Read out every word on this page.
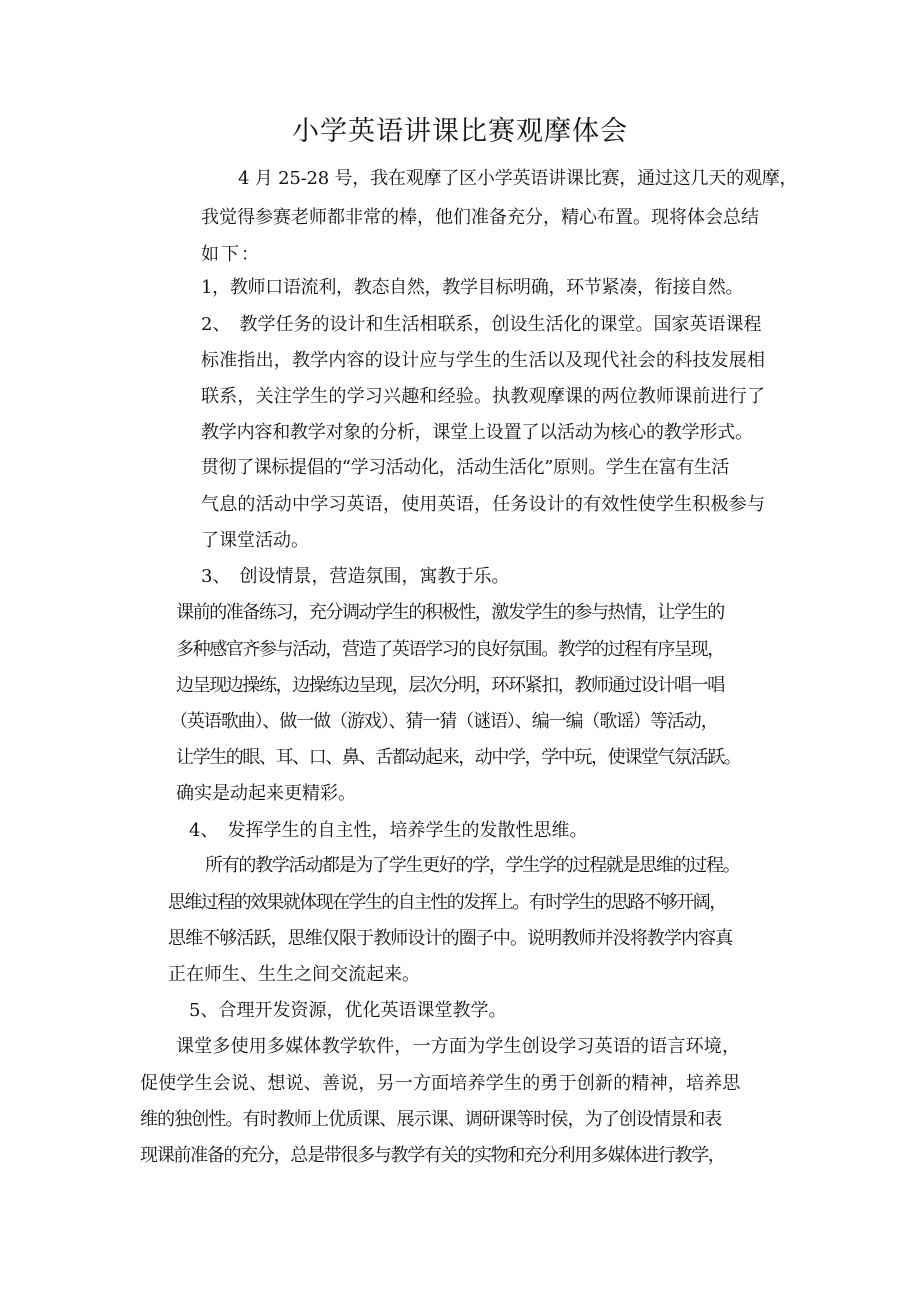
小学英语讲课比赛观摩体会
4 月 25-28 号，我在观摩了区小学英语讲课比赛，通过这几天的观摩，
我觉得参赛老师都非常的棒，他们准备充分，精心布置。现将体会总结
如下：
1，教师口语流利，教态自然，教学目标明确，环节紧凑，衔接自然。
2、　教学任务的设计和生活相联系，创设生活化的课堂。国家英语课程
标准指出，教学内容的设计应与学生的生活以及现代社会的科技发展相
联系，关注学生的学习兴趣和经验。执教观摩课的两位教师课前进行了
教学内容和教学对象的分析，课堂上设置了以活动为核心的教学形式。
贯彻了课标提倡的“学习活动化，活动生活化”原则。学生在富有生活
气息的活动中学习英语，使用英语，任务设计的有效性使学生积极参与
了课堂活动。
3、　创设情景，营造氛围，寓教于乐。
课前的准备练习，充分调动学生的积极性，激发学生的参与热情，让学生的
多种感官齐参与活动，营造了英语学习的良好氛围。教学的过程有序呈现，
边呈现边操练，边操练边呈现，层次分明，环环紧扣，教师通过设计唱一唱
（英语歌曲）、做一做（游戏）、猜一猜（谜语）、编一编（歌谣）等活动，
让学生的眼、耳、口、鼻、舌都动起来，动中学，学中玩，使课堂气氛活跃。
确实是动起来更精彩。
4、　发挥学生的自主性，培养学生的发散性思维。
所有的教学活动都是为了学生更好的学，学生学的过程就是思维的过程。
思维过程的效果就体现在学生的自主性的发挥上。有时学生的思路不够开阔，
思维不够活跃，思维仅限于教师设计的圈子中。说明教师并没将教学内容真
正在师生、生生之间交流起来。
5、合理开发资源，优化英语课堂教学。
课堂多使用多媒体教学软件，一方面为学生创设学习英语的语言环境，
促使学生会说、想说、善说，另一方面培养学生的勇于创新的精神，培养思
维的独创性。有时教师上优质课、展示课、调研课等时侯，为了创设情景和表
现课前准备的充分，总是带很多与教学有关的实物和充分利用多媒体进行教学，
